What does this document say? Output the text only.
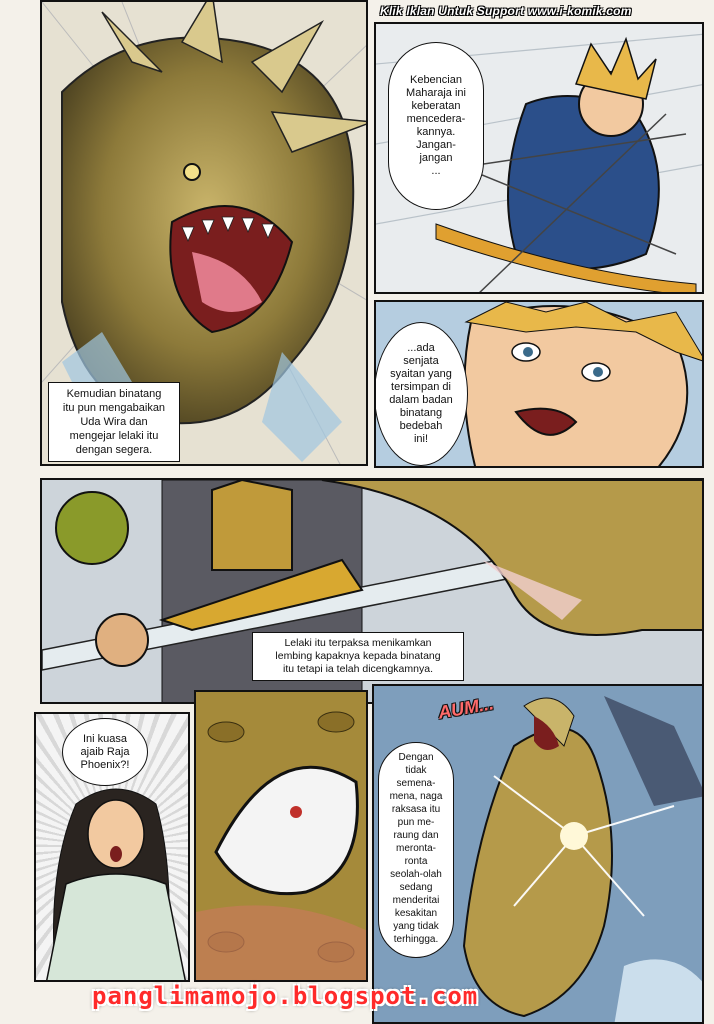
Klik Iklan Untuk Support www.i-komik.com
Kemudian binatang
itu pun mengabaikan
Uda Wira dan
mengejar lelaki itu
dengan segera.
Kebencian
Maharaja ini
keberatan
mencedera-
kannya.
Jangan-
jangan
...
...ada
senjata
syaitan yang
tersimpan di
dalam badan
binatang
bedebah
ini!
Lelaki itu terpaksa menikamkan
lembing kapaknya kepada binatang
itu tetapi ia telah dicengkamnya.
Ini kuasa
ajaib Raja
Phoenix?!
AUM...
Dengan
tidak
semena-
mena, naga
raksasa itu
pun me-
raung dan
meronta-
ronta
seolah-olah
sedang
menderitai
kesakitan
yang tidak
terhingga.
panglimamojo.blogspot.com
